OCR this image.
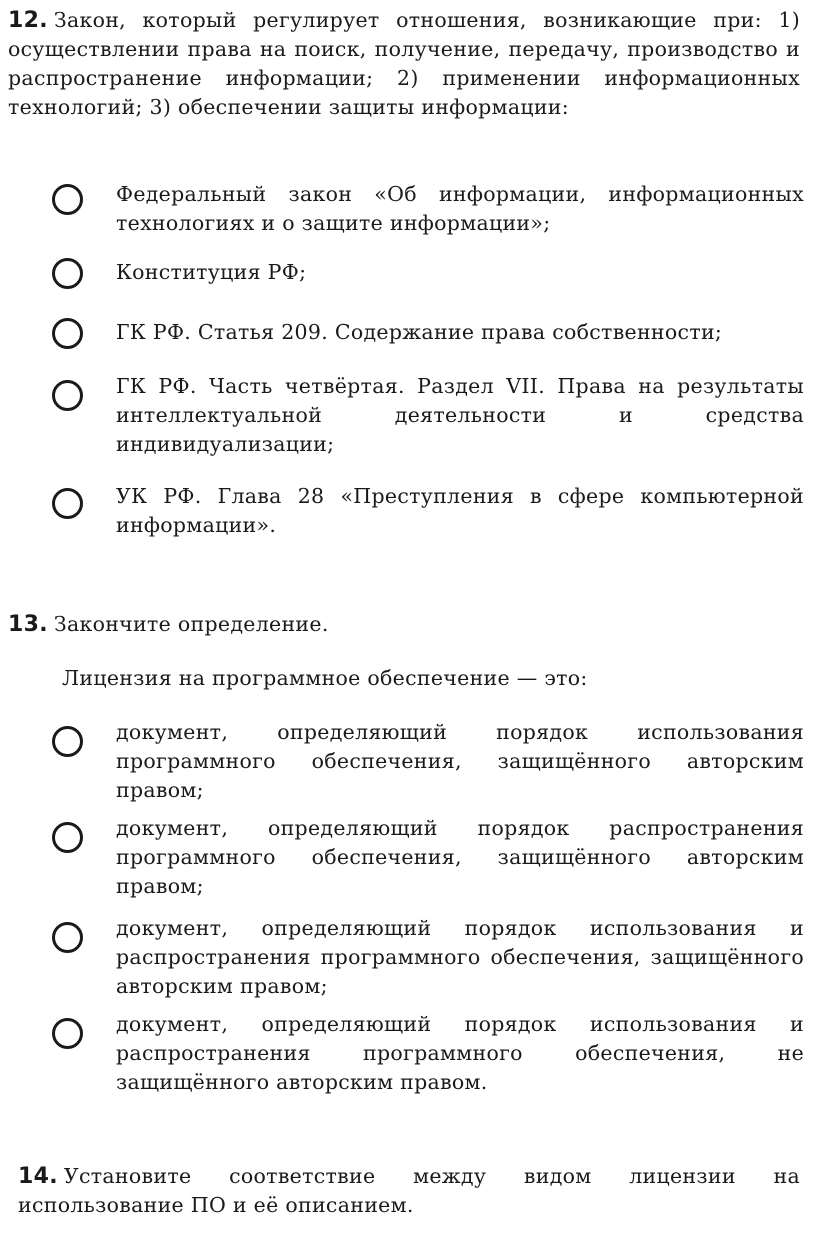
12. Закон, который регулирует отношения, возникающие при: 1) осуществлении права на поиск, получение, передачу, производство и распространение информации; 2) применении информационных технологий; 3) обеспечении защиты информации:
Федеральный закон «Об информации, информационных технологиях и о защите информации»;
Конституция РФ;
ГК РФ. Статья 209. Содержание права собственности;
ГК РФ. Часть четвёртая. Раздел VII. Права на результаты интеллектуальной деятельности и средства индивидуализации;
УК РФ. Глава 28 «Преступления в сфере компьютерной информации».
13. Закончите определение.
Лицензия на программное обеспечение — это:
документ, определяющий порядок использования программного обеспечения, защищённого авторским правом;
документ, определяющий порядок распространения программного обеспечения, защищённого авторским правом;
документ, определяющий порядок использования и распространения программного обеспечения, защищённого авторским правом;
документ, определяющий порядок использования и распространения программного обеспечения, не защищённого авторским правом.
14. Установите соответствие между видом лицензии на использование ПО и её описанием.
